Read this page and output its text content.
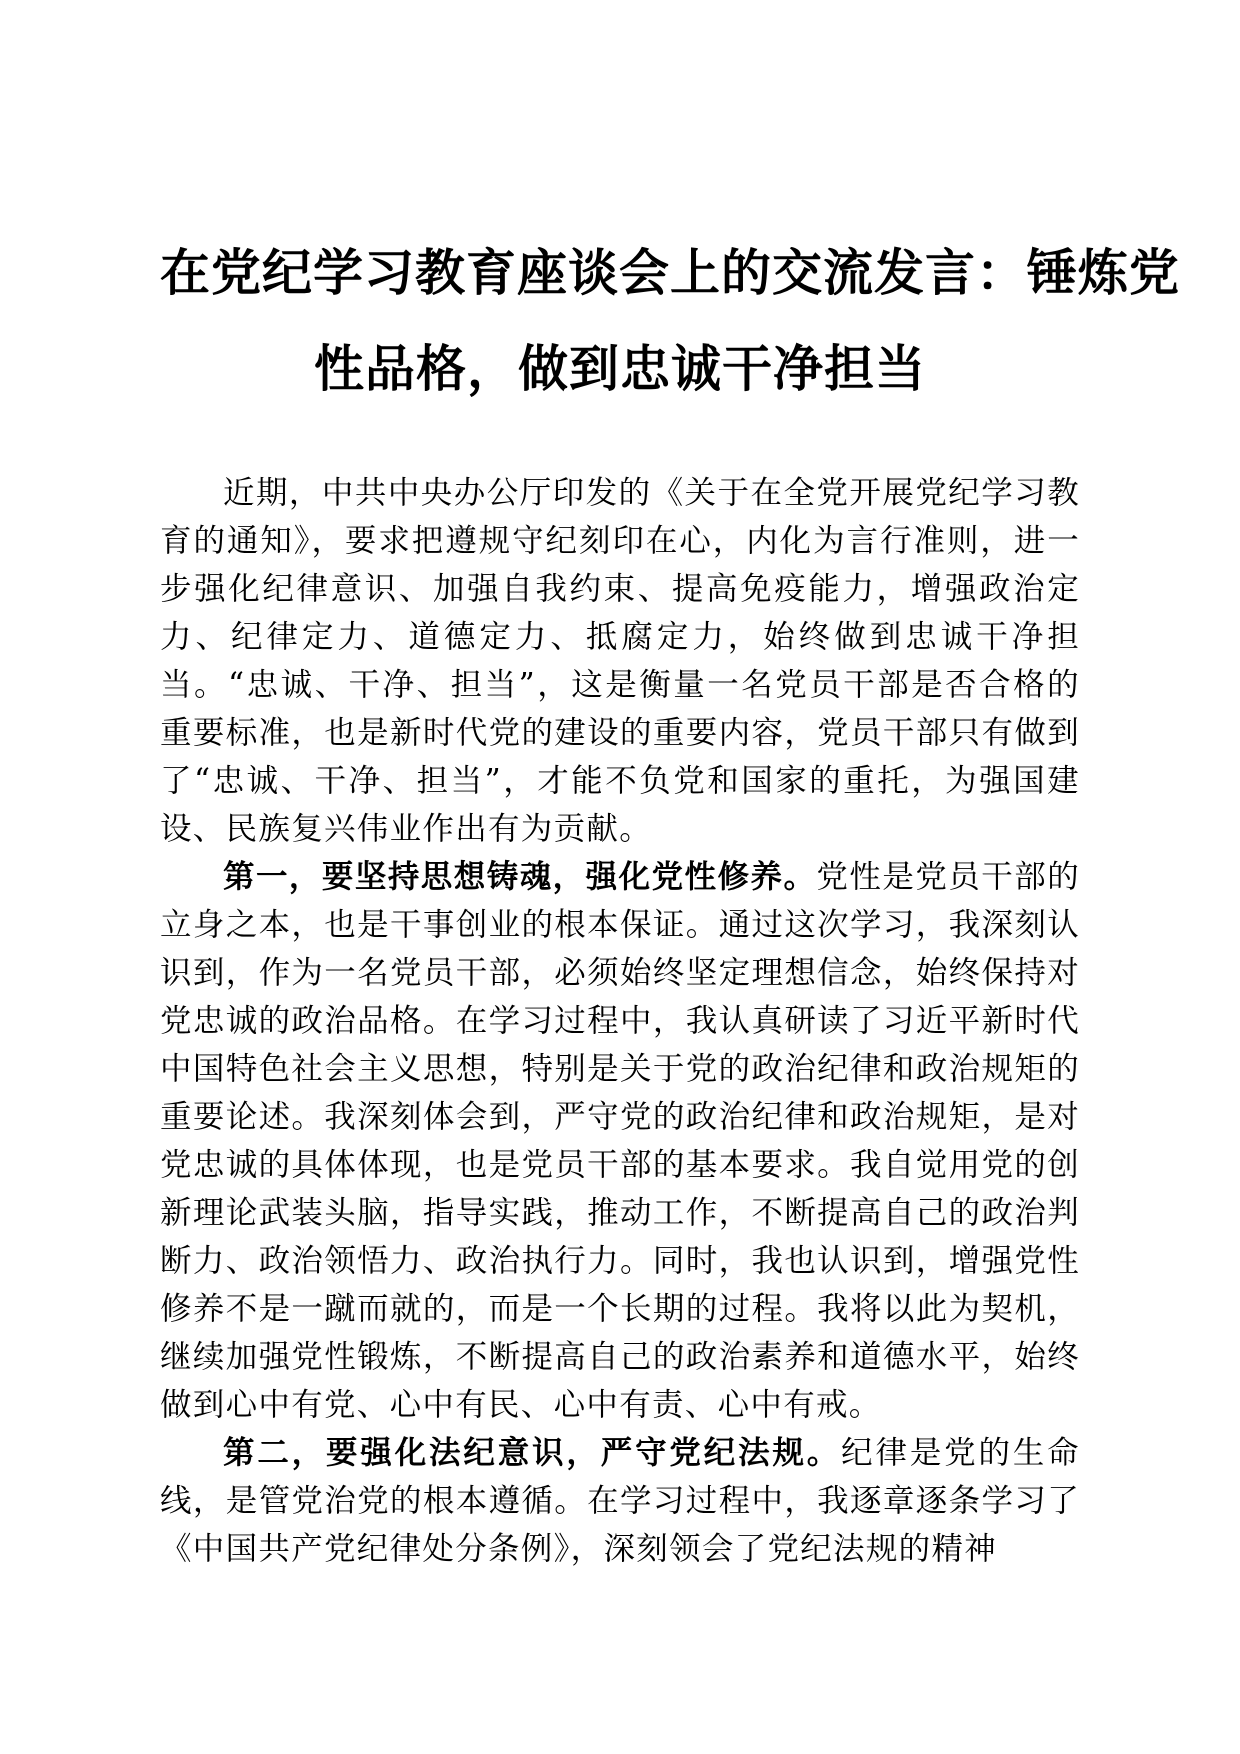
在党纪学习教育座谈会上的交流发言：锤炼党
性品格，做到忠诚干净担当

近期，中共中央办公厅印发的《关于在全党开展党纪学习教育的通知》，要求把遵规守纪刻印在心，内化为言行准则，进一步强化纪律意识、加强自我约束、提高免疫能力，增强政治定力、纪律定力、道德定力、抵腐定力，始终做到忠诚干净担当。“忠诚、干净、担当”，这是衡量一名党员干部是否合格的重要标准，也是新时代党的建设的重要内容，党员干部只有做到了“忠诚、干净、担当”，才能不负党和国家的重托，为强国建设、民族复兴伟业作出有为贡献。

第一，要坚持思想铸魂，强化党性修养。党性是党员干部的立身之本，也是干事创业的根本保证。通过这次学习，我深刻认识到，作为一名党员干部，必须始终坚定理想信念，始终保持对党忠诚的政治品格。在学习过程中，我认真研读了习近平新时代中国特色社会主义思想，特别是关于党的政治纪律和政治规矩的重要论述。我深刻体会到，严守党的政治纪律和政治规矩，是对党忠诚的具体体现，也是党员干部的基本要求。我自觉用党的创新理论武装头脑，指导实践，推动工作，不断提高自己的政治判断力、政治领悟力、政治执行力。同时，我也认识到，增强党性修养不是一蹴而就的，而是一个长期的过程。我将以此为契机，继续加强党性锻炼，不断提高自己的政治素养和道德水平，始终做到心中有党、心中有民、心中有责、心中有戒。

第二，要强化法纪意识，严守党纪法规。纪律是党的生命线，是管党治党的根本遵循。在学习过程中，我逐章逐条学习了《中国共产党纪律处分条例》，深刻领会了党纪法规的精神
